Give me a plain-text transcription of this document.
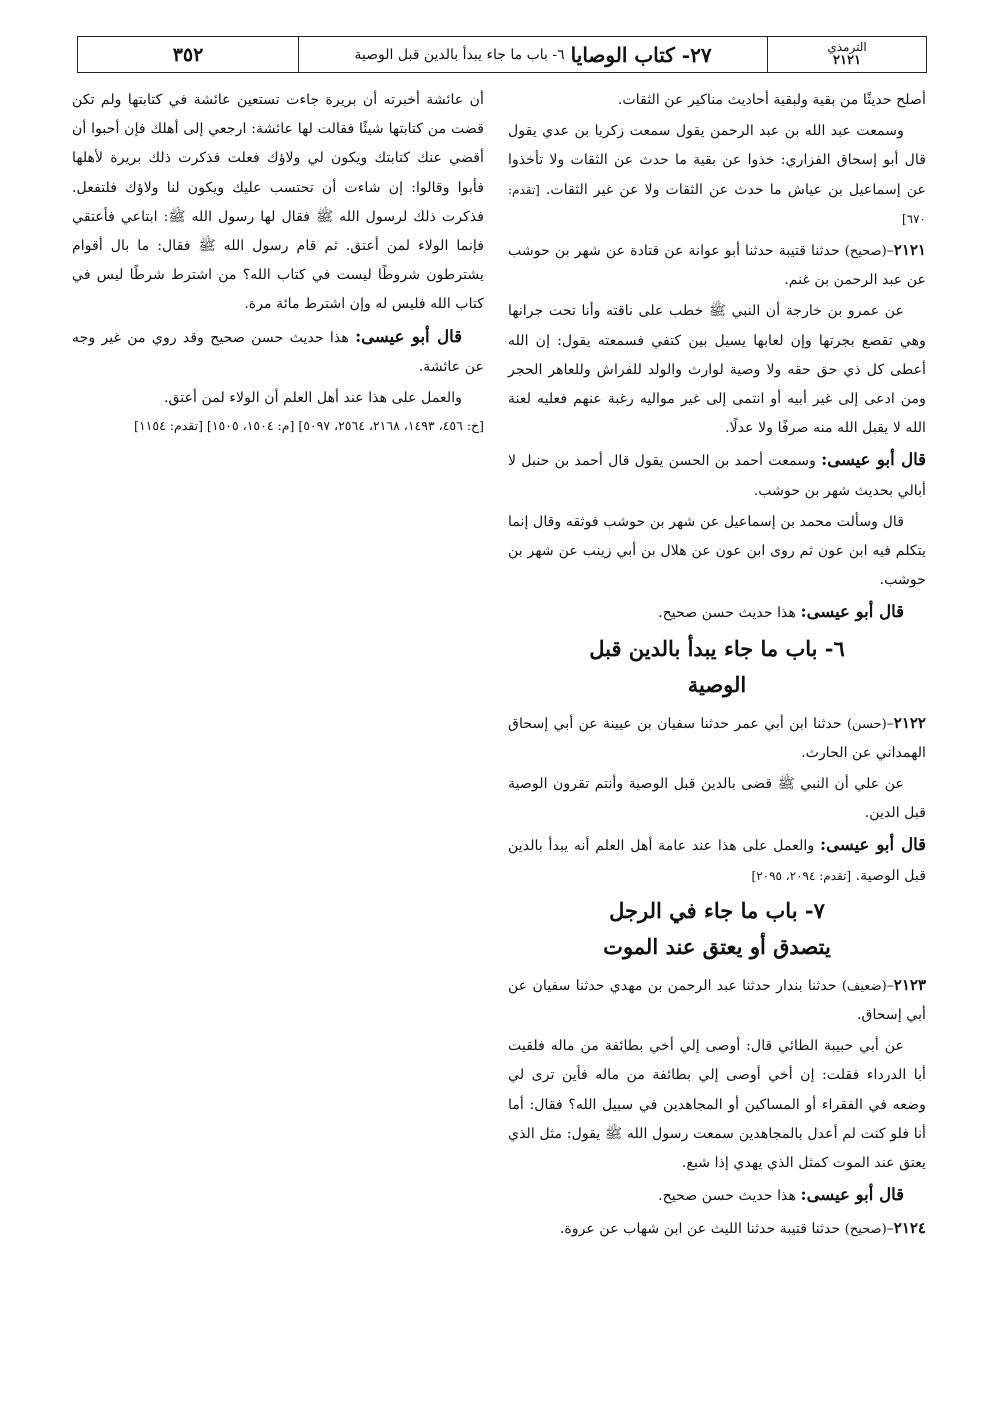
٣٥٢	٢٧- كتاب الوصايا
٦- باب ما جاء يبدأ بالدين قبل الوصية	الترمذي
٢١٢١

أصلح حديثًا من بقية ولبقية أحاديث مناكير عن الثقات.

وسمعت عبد الله بن عبد الرحمن يقول سمعت زكريا بن عدي يقول قال أبو إسحاق الفزاري: خذوا عن بقية ما حدث عن الثقات ولا تأخذوا عن إسماعيل بن عياش ما حدث عن الثقات ولا عن غير الثقات. [تقدم: ٦٧٠]

٢١٢١–(صحيح) حدثنا قتيبة حدثنا أبو عوانة عن قتادة عن شهر بن حوشب عن عبد الرحمن بن غنم.

عن عمرو بن خارجة أن النبي ﷺ خطب على ناقته وأنا تحت جرانها وهي تقصع بجرتها وإن لعابها يسيل بين كتفي فسمعته يقول: إن الله أعطى كل ذي حق حقه ولا وصية لوارث والولد للفراش وللعاهر الحجر ومن ادعى إلى غير أبيه أو انتمى إلى غير مواليه رغبة عنهم فعليه لعنة الله لا يقبل الله منه صرفًا ولا عدلًا.

قال أبو عيسى: وسمعت أحمد بن الحسن يقول قال أحمد بن حنبل لا أبالي بحديث شهر بن حوشب.

قال وسألت محمد بن إسماعيل عن شهر بن حوشب فوثقه وقال إنما يتكلم فيه ابن عون ثم روى ابن عون عن هلال بن أبي زينب عن شهر بن حوشب.

قال أبو عيسى: هذا حديث حسن صحيح.

٦- باب ما جاء يبدأ بالدين قبل
الوصية

٢١٢٢–(حسن) حدثنا ابن أبي عمر حدثنا سفيان بن عيينة عن أبي إسحاق الهمداني عن الحارث.

عن علي أن النبي ﷺ قضى بالدين قبل الوصية وأنتم تقرون الوصية قبل الدين.

قال أبو عيسى: والعمل على هذا عند عامة أهل العلم أنه يبدأ بالدين قبل الوصية. [تقدم: ٢٠٩٤، ٢٠٩٥]

٧- باب ما جاء في الرجل
يتصدق أو يعتق عند الموت

٢١٢٣–(ضعيف) حدثنا بندار حدثنا عبد الرحمن بن مهدي حدثنا سفيان عن أبي إسحاق.

عن أبي حبيبة الطائي قال: أوصى إلي أخي بطائفة من ماله فلقيت أبا الدرداء فقلت: إن أخي أوصى إلي بطائفة من ماله فأين ترى لي وضعه في الفقراء أو المساكين أو المجاهدين في سبيل الله؟ فقال: أما أنا فلو كنت لم أعدل بالمجاهدين سمعت رسول الله ﷺ يقول: مثل الذي يعتق عند الموت كمثل الذي يهدي إذا شبع.

قال أبو عيسى: هذا حديث حسن صحيح.

٢١٢٤–(صحيح) حدثنا قتيبة حدثنا الليث عن ابن شهاب عن عروة.

أن عائشة أخبرته أن بريرة جاءت تستعين عائشة في كتابتها ولم تكن قضت من كتابتها شيئًا فقالت لها عائشة: ارجعي إلى أهلك فإن أحبوا أن أقضي عنك كتابتك ويكون لي ولاؤك فعلت فذكرت ذلك بريرة لأهلها فأبوا وقالوا: إن شاءت أن تحتسب عليك ويكون لنا ولاؤك فلتفعل. فذكرت ذلك لرسول الله ﷺ فقال لها رسول الله ﷺ: ابتاعي فأعتقي فإنما الولاء لمن أعتق. ثم قام رسول الله ﷺ فقال: ما بال أقوام يشترطون شروطًا ليست في كتاب الله؟ من اشترط شرطًا ليس في كتاب الله فليس له وإن اشترط مائة مرة.

قال أبو عيسى: هذا حديث حسن صحيح وقد روي من غير وجه عن عائشة.

والعمل على هذا عند أهل العلم أن الولاء لمن أعتق.

[خ: ٤٥٦، ١٤٩٣، ٢١٦٨، ٢٥٦٤، ٥٠٩٧] [م: ١٥٠٤، ١٥٠٥] [تقدم: ١١٥٤]
